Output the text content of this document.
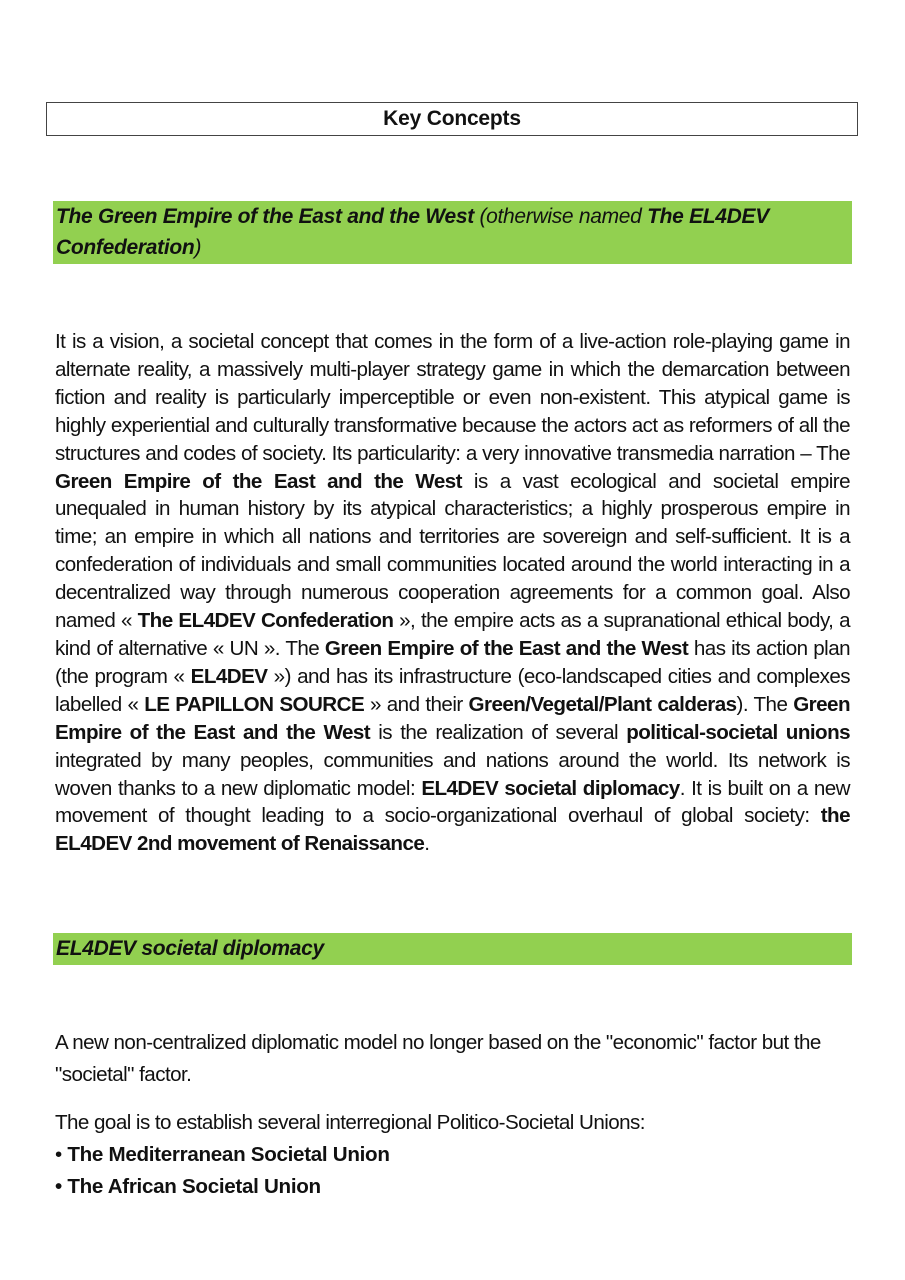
Key Concepts
The Green Empire of the East and the West (otherwise named The EL4DEV Confederation)

It is a vision, a societal concept that comes in the form of a live-action role-playing game in alternate reality, a massively multi-player strategy game in which the demarcation between fiction and reality is particularly imperceptible or even non-existent. This atypical game is highly experiential and culturally transformative because the actors act as reformers of all the structures and codes of society. Its particularity: a very innovative transmedia narration – The Green Empire of the East and the West is a vast ecological and societal empire unequaled in human history by its atypical characteristics; a highly prosperous empire in time; an empire in which all nations and territories are sovereign and self-sufficient. It is a confederation of individuals and small communities located around the world interacting in a decentralized way through numerous cooperation agreements for a common goal. Also named « The EL4DEV Confederation », the empire acts as a supranational ethical body, a kind of alternative « UN ». The Green Empire of the East and the West has its action plan (the program « EL4DEV ») and has its infrastructure (eco-landscaped cities and complexes labelled « LE PAPILLON SOURCE » and their Green/Vegetal/Plant calderas). The Green Empire of the East and the West is the realization of several political-societal unions integrated by many peoples, communities and nations around the world. Its network is woven thanks to a new diplomatic model: EL4DEV societal diplomacy. It is built on a new movement of thought leading to a socio-organizational overhaul of global society: the EL4DEV 2nd movement of Renaissance.

EL4DEV societal diplomacy

A new non-centralized diplomatic model no longer based on the "economic" factor but the "societal" factor.

The goal is to establish several interregional Politico-Societal Unions:

• The Mediterranean Societal Union
• The African Societal Union
